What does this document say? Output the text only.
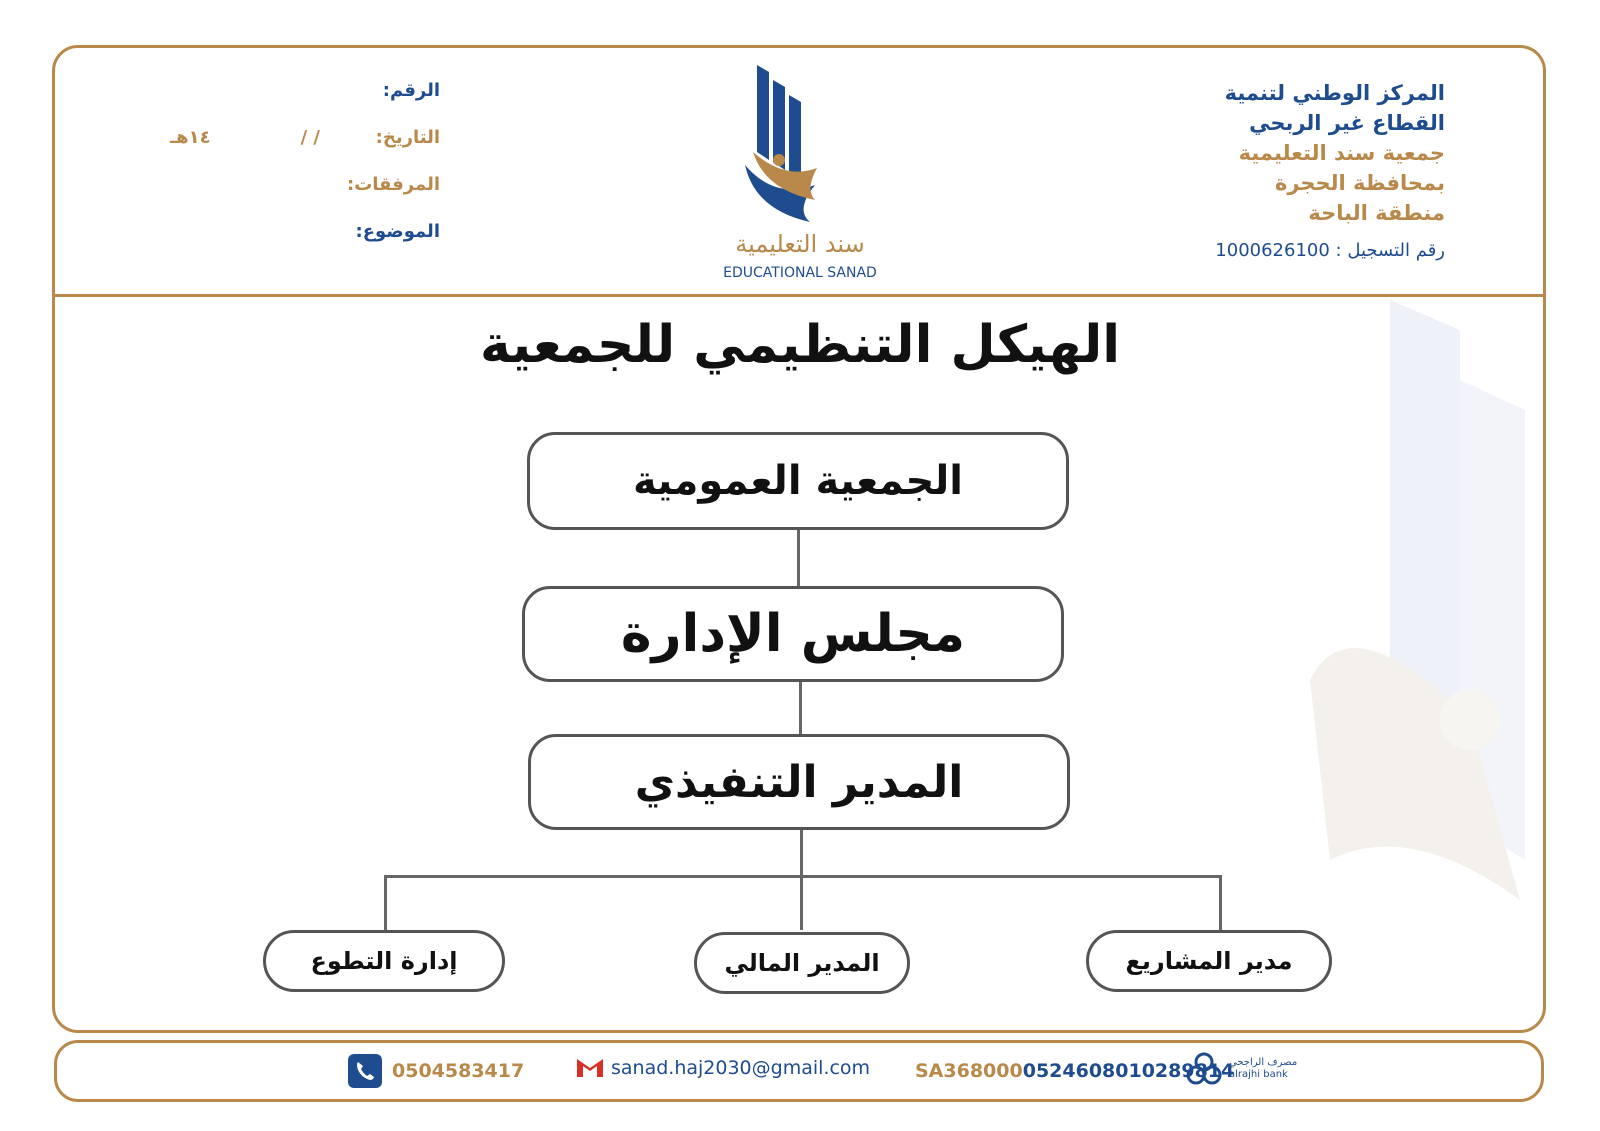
المركز الوطني لتنمية
القطاع غير الربحي
جمعية سند التعليمية
بمحافظة الحجرة
منطقة الباحة
رقم التسجيل : 1000626100
سند التعليمية
EDUCATIONAL SANAD
الرقم:
التاريخ:
/ /
١٤هـ
المرفقات:
الموضوع:
الهيكل التنظيمي للجمعية
الجمعية العمومية
مجلس الإدارة
المدير التنفيذي
مدير المشاريع
المدير المالي
إدارة التطوع
مصرف الراجحي
alrajhi bank
SA368000 0524608010289814
sanad.haj2030@gmail.com
0504583417
